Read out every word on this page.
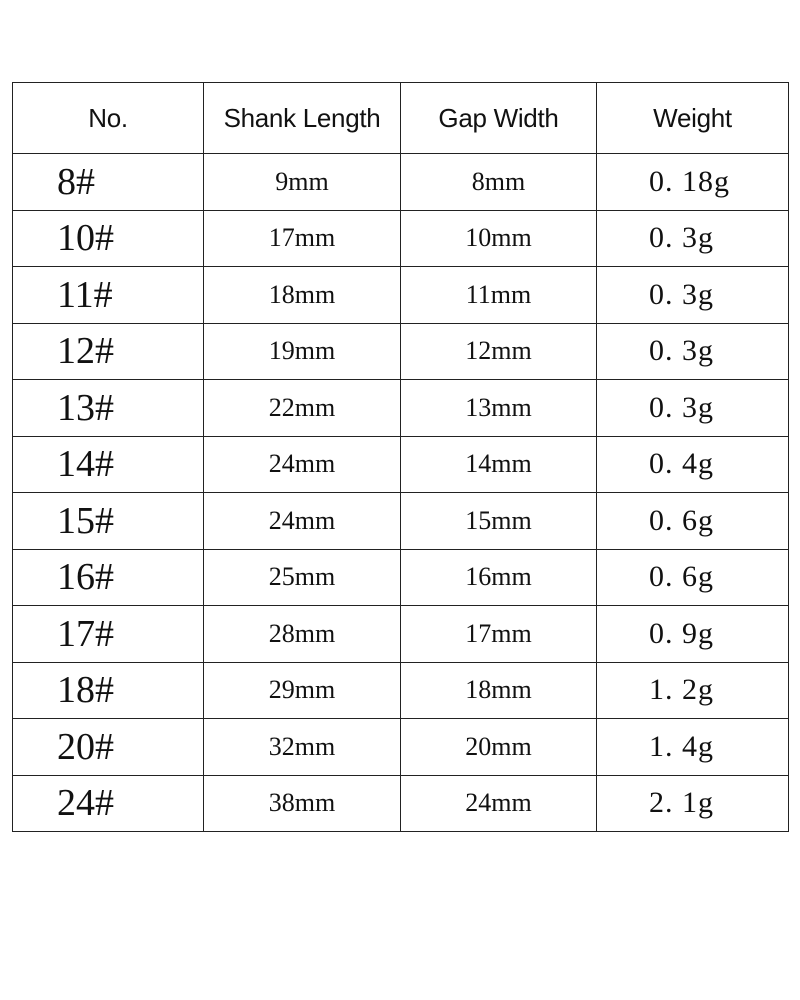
No.	Shank Length	Gap Width	Weight
8#	9mm	8mm	0. 18g
10#	17mm	10mm	0. 3g
11#	18mm	11mm	0. 3g
12#	19mm	12mm	0. 3g
13#	22mm	13mm	0. 3g
14#	24mm	14mm	0. 4g
15#	24mm	15mm	0. 6g
16#	25mm	16mm	0. 6g
17#	28mm	17mm	0. 9g
18#	29mm	18mm	1. 2g
20#	32mm	20mm	1. 4g
24#	38mm	24mm	2. 1g
